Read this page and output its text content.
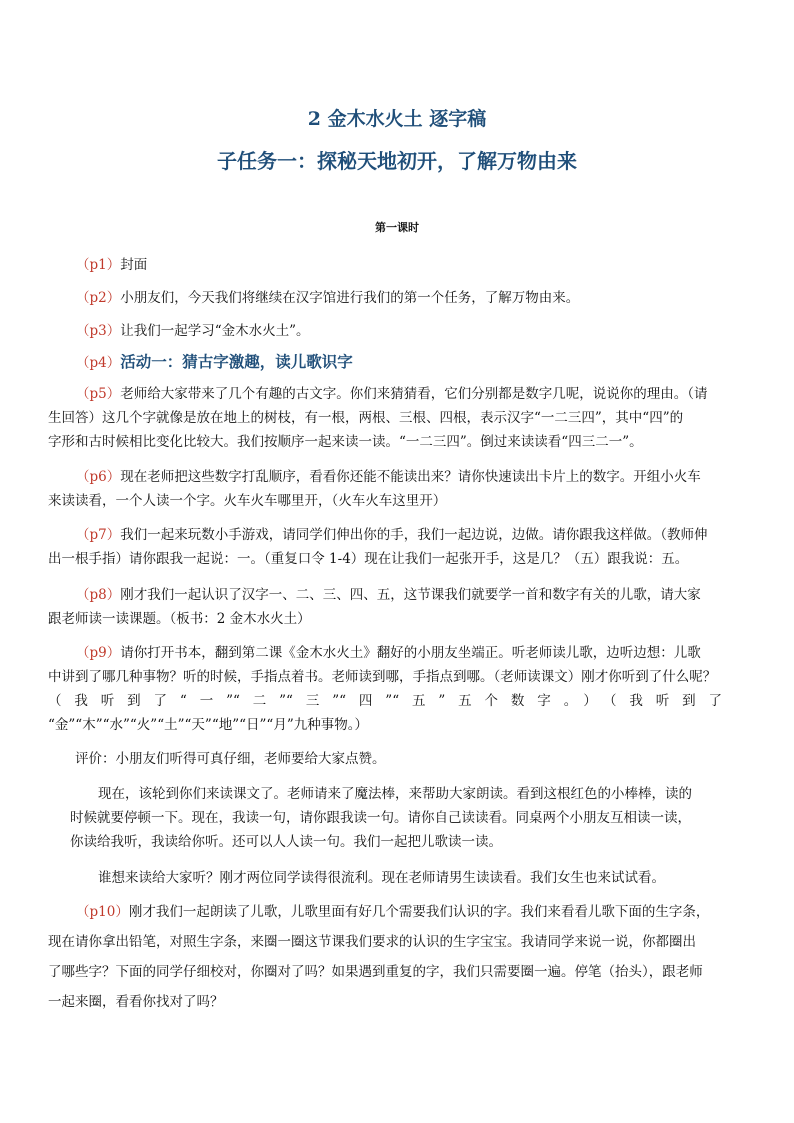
2 金木水火土 逐字稿
子任务一：探秘天地初开，了解万物由来
第一课时
（p1）封面
（p2）小朋友们，今天我们将继续在汉字馆进行我们的第一个任务，了解万物由来。
（p3）让我们一起学习“金木水火土”。
（p4）活动一：猜古字激趣，读儿歌识字
（p5）老师给大家带来了几个有趣的古文字。你们来猜猜看，它们分别都是数字几呢，说说你的理由。（请
生回答）这几个字就像是放在地上的树枝，有一根，两根、三根、四根，表示汉字“一二三四”，其中“四”的
字形和古时候相比变化比较大。我们按顺序一起来读一读。“一二三四”。倒过来读读看“四三二一”。
（p6）现在老师把这些数字打乱顺序，看看你还能不能读出来？请你快速读出卡片上的数字。开组小火车
来读读看，一个人读一个字。火车火车哪里开，（火车火车这里开）
（p7）我们一起来玩数小手游戏，请同学们伸出你的手，我们一起边说，边做。请你跟我这样做。（教师伸
出一根手指）请你跟我一起说：一。（重复口令 1-4）现在让我们一起张开手，这是几？（五）跟我说：五。
（p8）刚才我们一起认识了汉字一、二、三、四、五，这节课我们就要学一首和数字有关的儿歌，请大家
跟老师读一读课题。（板书：2 金木水火土）
（p9）请你打开书本，翻到第二课《金木水火土》翻好的小朋友坐端正。听老师读儿歌，边听边想：儿歌
中讲到了哪几种事物？听的时候，手指点着书。老师读到哪，手指点到哪。（老师读课文）刚才你听到了什么呢？
（我听到了“一”“二”“三”“四”“五”五个数字。）（我听到了
“金”“木”“水”“火”“土”“天”“地”“日”“月”九种事物。）
评价：小朋友们听得可真仔细，老师要给大家点赞。
现在，该轮到你们来读课文了。老师请来了魔法棒，来帮助大家朗读。看到这根红色的小棒棒，读的
时候就要停顿一下。现在，我读一句，请你跟我读一句。请你自己读读看。同桌两个小朋友互相读一读，
你读给我听，我读给你听。还可以人人读一句。我们一起把儿歌读一读。
谁想来读给大家听？刚才两位同学读得很流利。现在老师请男生读读看。我们女生也来试试看。
（p10）刚才我们一起朗读了儿歌，儿歌里面有好几个需要我们认识的字。我们来看看儿歌下面的生字条，
现在请你拿出铅笔，对照生字条，来圈一圈这节课我们要求的认识的生字宝宝。我请同学来说一说，你都圈出
了哪些字？下面的同学仔细校对，你圈对了吗？如果遇到重复的字，我们只需要圈一遍。停笔（抬头），跟老师
一起来圈，看看你找对了吗？
